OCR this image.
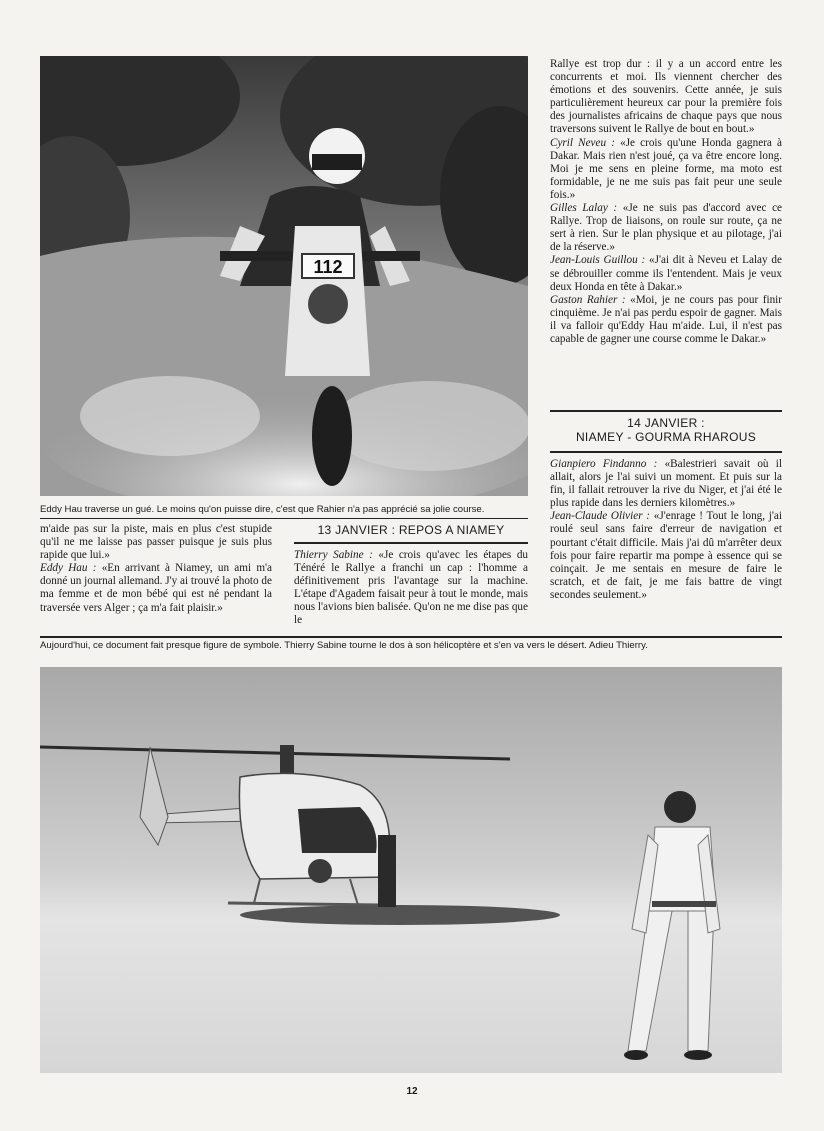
112
Eddy Hau traverse un gué. Le moins qu'on puisse dire, c'est que Rahier n'a pas apprécié sa jolie course.

Rallye est trop dur : il y a un accord entre les concurrents et moi. Ils viennent chercher des émotions et des souvenirs. Cette année, je suis particulièrement heureux car pour la première fois des journalistes africains de chaque pays que nous traversons suivent le Rallye de bout en bout.»

Cyril Neveu : «Je crois qu'une Honda gagnera à Dakar. Mais rien n'est joué, ça va être encore long. Moi je me sens en pleine forme, ma moto est formidable, je ne me suis pas fait peur une seule fois.»

Gilles Lalay : «Je ne suis pas d'accord avec ce Rallye. Trop de liaisons, on roule sur route, ça ne sert à rien. Sur le plan physique et au pilotage, j'ai de la réserve.»

Jean-Louis Guillou : «J'ai dit à Neveu et Lalay de se débrouiller comme ils l'entendent. Mais je veux deux Honda en tête à Dakar.»

Gaston Rahier : «Moi, je ne cours pas pour finir cinquième. Je n'ai pas perdu espoir de gagner. Mais il va falloir qu'Eddy Hau m'aide. Lui, il n'est pas capable de gagner une course comme le Dakar.»

14 JANVIER :
NIAMEY - GOURMA RHAROUS

Gianpiero Findanno : «Balestrieri savait où il allait, alors je l'ai suivi un moment. Et puis sur la fin, il fallait retrouver la rive du Niger, et j'ai été le plus rapide dans les derniers kilomètres.»

Jean-Claude Olivier : «J'enrage ! Tout le long, j'ai roulé seul sans faire d'erreur de navigation et pourtant c'était difficile. Mais j'ai dû m'arrêter deux fois pour faire repartir ma pompe à essence qui se coinçait. Je me sentais en mesure de faire le scratch, et de fait, je me fais battre de vingt secondes seulement.»

m'aide pas sur la piste, mais en plus c'est stupide qu'il ne me laisse pas passer puisque je suis plus rapide que lui.»

Eddy Hau : «En arrivant à Niamey, un ami m'a donné un journal allemand. J'y ai trouvé la photo de ma femme et de mon bébé qui est né pendant la traversée vers Alger ; ça m'a fait plaisir.»

13 JANVIER : REPOS A NIAMEY

Thierry Sabine : «Je crois qu'avec les étapes du Ténéré le Rallye a franchi un cap : l'homme a définitivement pris l'avantage sur la machine. L'étape d'Agadem faisait peur à tout le monde, mais nous l'avions bien balisée. Qu'on ne me dise pas que le

Aujourd'hui, ce document fait presque figure de symbole. Thierry Sabine tourne le dos à son hélicoptère et s'en va vers le désert. Adieu Thierry.
12
